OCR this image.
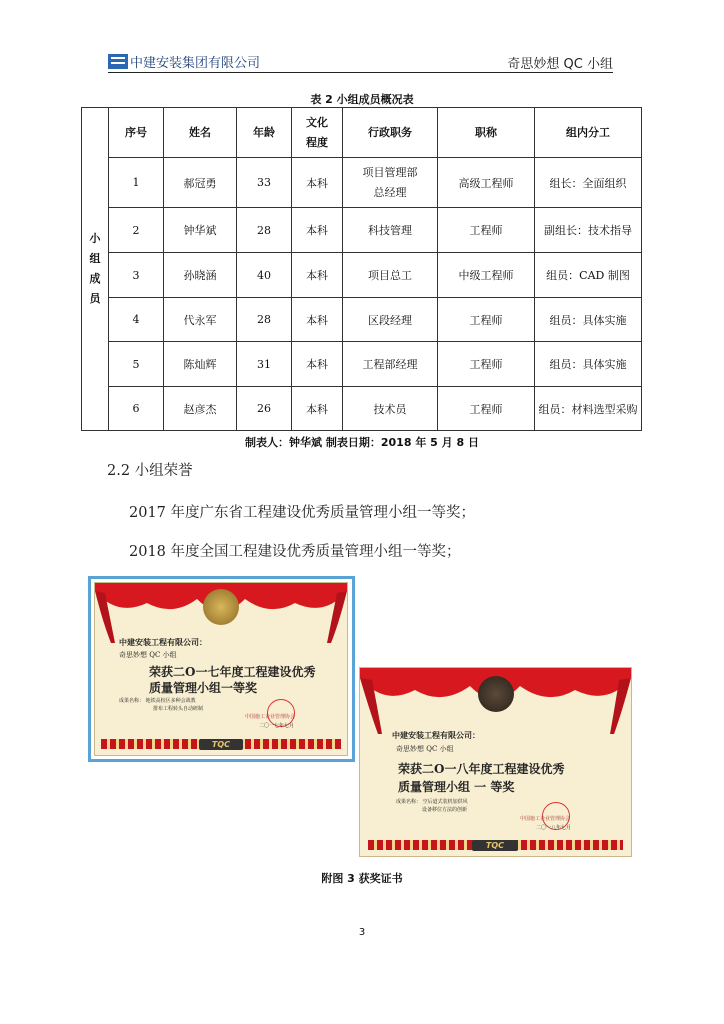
中建安装集团有限公司	奇思妙想 QC 小组
表 2 小组成员概况表
小组成员	序号	姓名	年龄	文化程度	行政职务	职称	组内分工
	1	郝冠勇	33	本科	项目管理部总经理	高级工程师	组长：全面组织
	2	钟华斌	28	本科	科技管理	工程师	副组长：技术指导
	3	孙晓涵	40	本科	项目总工	中级工程师	组员：CAD 制图
	4	代永军	28	本科	区段经理	工程师	组员：具体实施
	5	陈灿辉	31	本科	工程部经理	工程师	组员：具体实施
	6	赵彦杰	26	本科	技术员	工程师	组员：材料选型采购
制表人：钟华斌 制表日期：2018 年 5 月 8 日
2.2 小组荣誉
2017 年度广东省工程建设优秀质量管理小组一等奖；
2018 年度全国工程建设优秀质量管理小组一等奖；
中建安装工程有限公司：
奇思妙想 QC 小组
荣获二O一七年度工程建设优秀
质量管理小组一等奖
成果名称： 地铁高校区多种会战教
排布工程转头自动研制
中国施工企业管理协会
二〇一七年七月
TQC
中建安装工程有限公司：
奇思妙想 QC 小组
荣获二O一八年度工程建设优秀
质量管理小组 一 等奖
成果名称： 空后道式装机加供风
设备移位方法的创新
中国施工企业管理协会
二〇一八年七月
TQC
附图 3 获奖证书
3
